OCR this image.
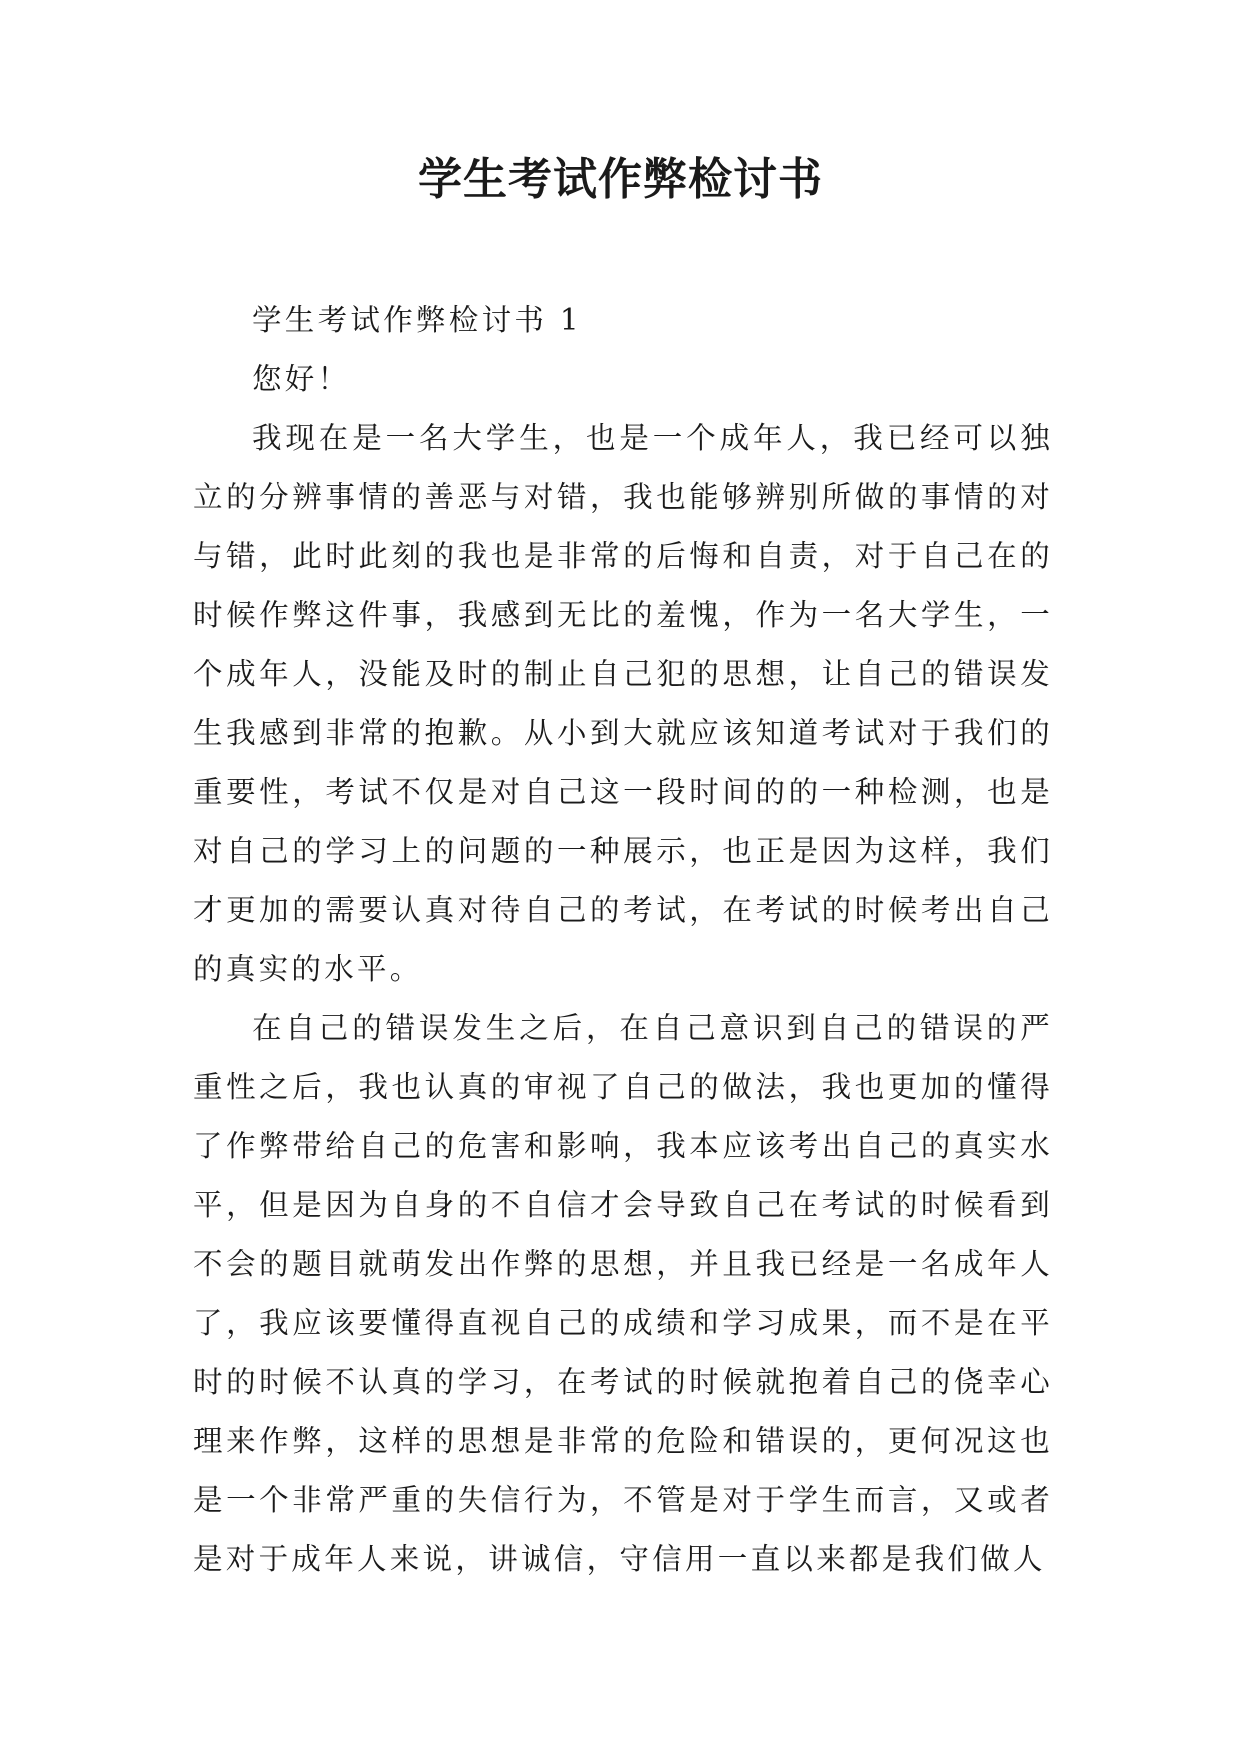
学生考试作弊检讨书

学生考试作弊检讨书 1

您好！

我现在是一名大学生，也是一个成年人，我已经可以独立的分辨事情的善恶与对错，我也能够辨别所做的事情的对与错，此时此刻的我也是非常的后悔和自责，对于自己在的时候作弊这件事，我感到无比的羞愧，作为一名大学生，一个成年人，没能及时的制止自己犯的思想，让自己的错误发生我感到非常的抱歉。从小到大就应该知道考试对于我们的重要性，考试不仅是对自己这一段时间的的一种检测，也是对自己的学习上的问题的一种展示，也正是因为这样，我们才更加的需要认真对待自己的考试，在考试的时候考出自己的真实的水平。

在自己的错误发生之后，在自己意识到自己的错误的严重性之后，我也认真的审视了自己的做法，我也更加的懂得了作弊带给自己的危害和影响，我本应该考出自己的真实水平，但是因为自身的不自信才会导致自己在考试的时候看到不会的题目就萌发出作弊的思想，并且我已经是一名成年人了，我应该要懂得直视自己的成绩和学习成果，而不是在平时的时候不认真的学习，在考试的时候就抱着自己的侥幸心理来作弊，这样的思想是非常的危险和错误的，更何况这也是一个非常严重的失信行为，不管是对于学生而言，又或者是对于成年人来说，讲诚信，守信用一直以来都是我们做人
